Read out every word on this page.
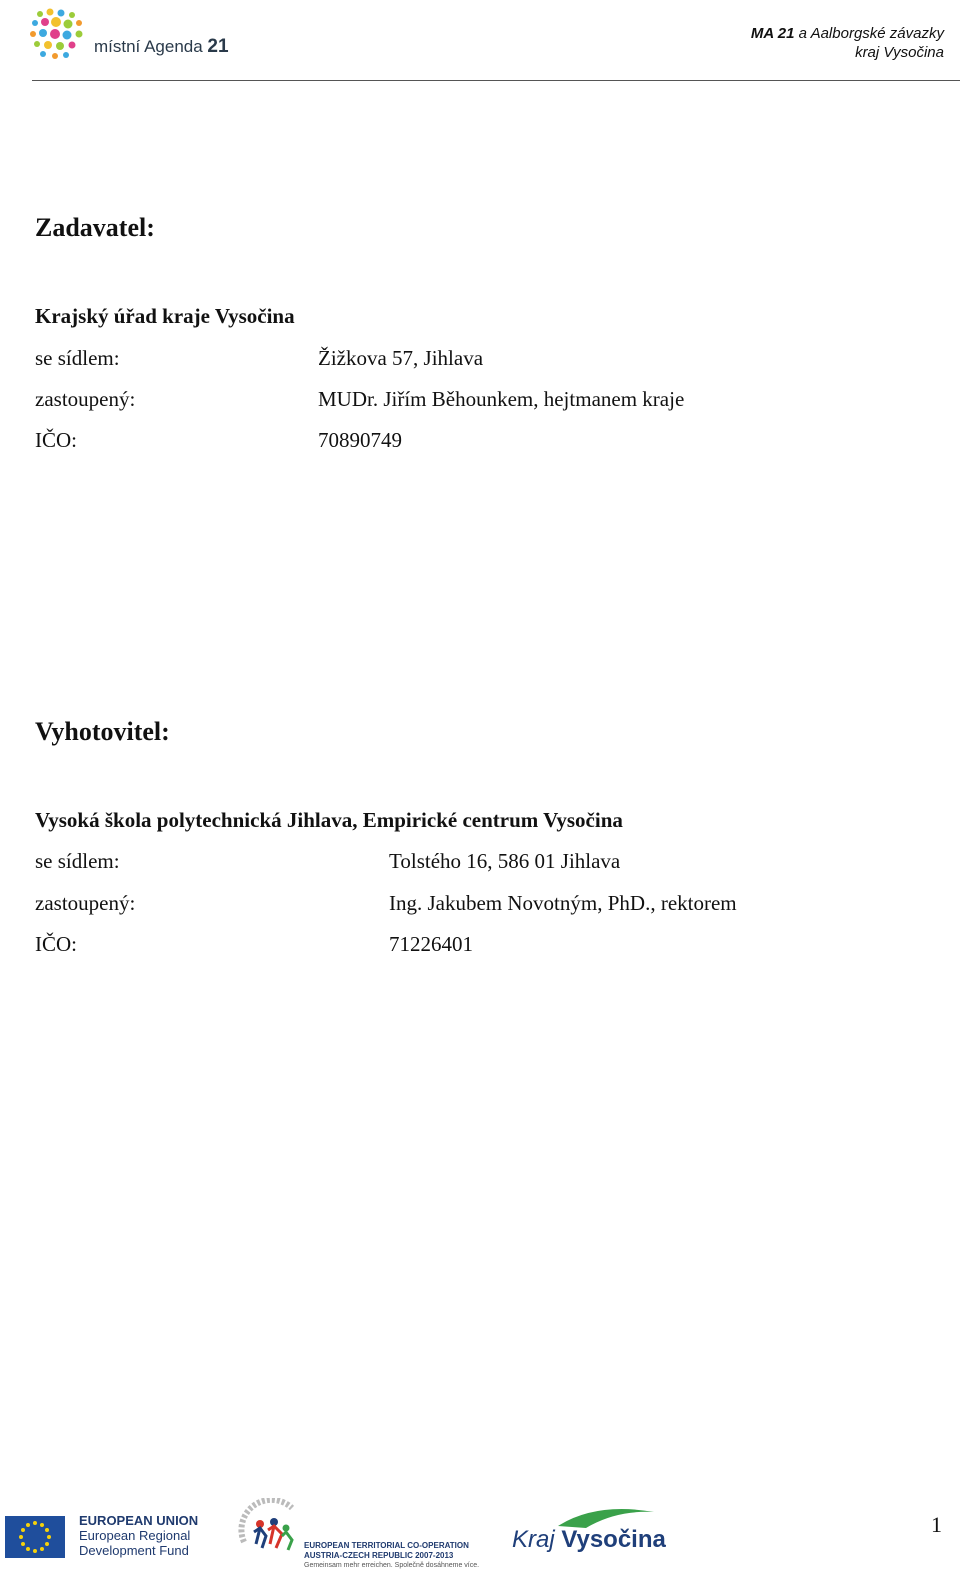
místní Agenda 21
MA 21 a Aalborgské závazky
kraj Vysočina
Zadavatel:
Krajský úřad kraje Vysočina
se sídlem:	Žižkova 57, Jihlava
zastoupený:	MUDr. Jiřím Běhounkem, hejtmanem kraje
IČO:	70890749
Vyhotovitel:
Vysoká škola polytechnická Jihlava, Empirické centrum Vysočina
se sídlem:	Tolstého 16, 586 01 Jihlava
zastoupený:	Ing. Jakubem Novotným, PhD., rektorem
IČO:	71226401
EUROPEAN UNION
European Regional
Development Fund	EUROPEAN TERRITORIAL CO-OPERATION
AUSTRIA-CZECH REPUBLIC 2007-2013
Gemeinsam mehr erreichen. Společně dosáhneme více.
Kraj Vysočina
1
